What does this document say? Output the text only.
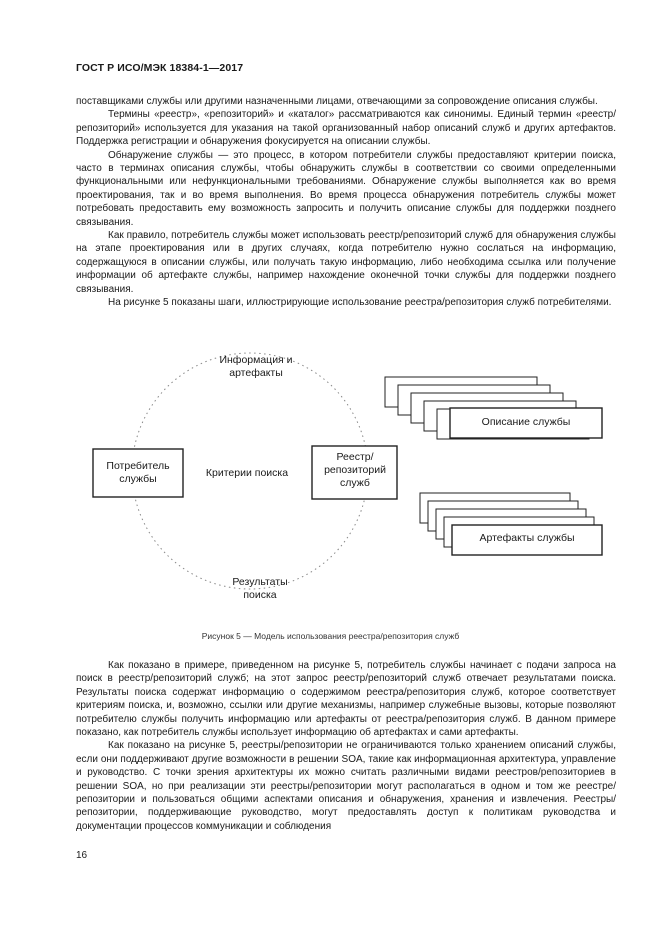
ГОСТ Р ИСО/МЭК 18384-1—2017

поставщиками службы или другими назначенными лицами, отвечающими за сопровождение описания службы.

Термины «реестр», «репозиторий» и «каталог» рассматриваются как синонимы. Единый термин «реестр/репозиторий» используется для указания на такой организованный набор описаний служб и других артефактов. Поддержка регистрации и обнаружения фокусируется на описании службы.

Обнаружение службы — это процесс, в котором потребители службы предоставляют критерии поиска, часто в терминах описания службы, чтобы обнаружить службы в соответствии со своими определенными функциональными или нефункциональными требованиями. Обнаружение службы выполняется как во время проектирования, так и во время выполнения. Во время процесса обнаружения потребитель службы может потребовать предоставить ему возможность запросить и получить описание службы для поддержки позднего связывания.

Как правило, потребитель службы может использовать реестр/репозиторий служб для обнаружения службы на этапе проектирования или в других случаях, когда потребителю нужно сослаться на информацию, содержащуюся в описании службы, или получать такую информацию, либо необходима ссылка или получение информации об артефакте службы, например нахождение оконечной точки службы для поддержки позднего связывания.

На рисунке 5 показаны шаги, иллюстрирующие использование реестра/репозитория служб потребителями.

Информация и артефакты
Потребитель службы	Критерии поиска
Реестр/ репозиторий служб
Описание службы
Артефакты службы
Результаты поиска
Рисунок 5 — Модель использования реестра/репозитория служб

Как показано в примере, приведенном на рисунке 5, потребитель службы начинает с подачи запроса на поиск в реестр/репозиторий служб; на этот запрос реестр/репозиторий служб отвечает результатами поиска. Результаты поиска содержат информацию о содержимом реестра/репозитория служб, которое соответствует критериям поиска, и, возможно, ссылки или другие механизмы, например служебные вызовы, которые позволяют потребителю службы получить информацию или артефакты от реестра/репозитория служб. В данном примере показано, как потребитель службы использует информацию об артефактах и сами артефакты.

Как показано на рисунке 5, реестры/репозитории не ограничиваются только хранением описаний службы, если они поддерживают другие возможности в решении SOA, такие как информационная архитектура, управление и руководство. С точки зрения архитектуры их можно считать различными видами реестров/репозиториев в решении SOA, но при реализации эти реестры/репозитории могут располагаться в одном и том же реестре/репозитории и пользоваться общими аспектами описания и обнаружения, хранения и извлечения. Реестры/репозитории, поддерживающие руководство, могут предоставлять доступ к политикам руководства и документации процессов коммуникации и соблюдения

16
